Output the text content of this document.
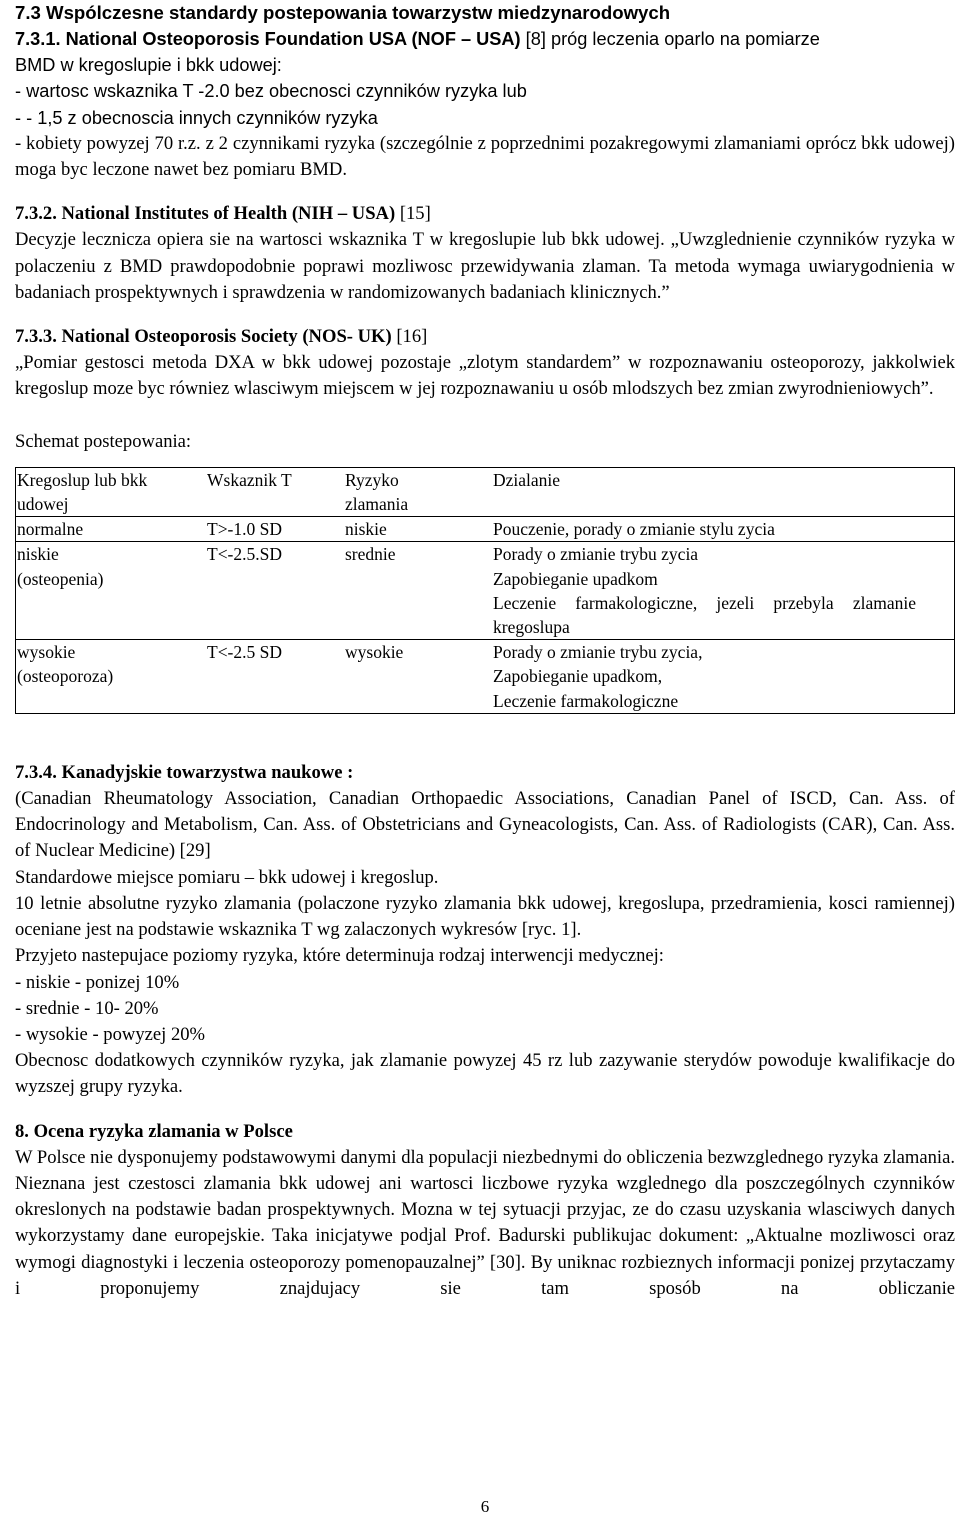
7.3 Wspólczesne standardy postepowania towarzystw miedzynarodowych
7.3.1. National Osteoporosis Foundation USA (NOF – USA) [8] próg leczenia oparlo na pomiarze
BMD w kregoslupie i bkk udowej:
- wartosc wskaznika T -2.0 bez obecnosci czynników ryzyka lub
- - 1,5 z obecnoscia innych czynników ryzyka
- kobiety powyzej 70 r.z. z 2 czynnikami ryzyka (szczególnie z poprzednimi pozakregowymi zlamaniami oprócz bkk udowej) moga byc leczone nawet bez pomiaru BMD.
7.3.2. National Institutes of Health (NIH – USA) [15]
Decyzje lecznicza opiera sie na wartosci wskaznika T w kregoslupie lub bkk udowej. „Uwzglednienie czynników ryzyka w polaczeniu z BMD prawdopodobnie poprawi mozliwosc przewidywania zlaman. Ta metoda wymaga uwiarygodnienia w badaniach prospektywnych i sprawdzenia w randomizowanych badaniach klinicznych.”
7.3.3. National Osteoporosis Society (NOS- UK) [16]
„Pomiar gestosci metoda DXA w bkk udowej pozostaje „zlotym standardem” w rozpoznawaniu osteoporozy, jakkolwiek kregoslup moze byc równiez wlasciwym miejscem w jej rozpoznawaniu u osób mlodszych bez zmian zwyrodnieniowych”.
Schemat postepowania:
Kregoslup lub bkk udowej	Wskaznik T	Ryzyko zlamania	Dzialanie
normalne	T>-1.0 SD	niskie	Pouczenie, porady o zmianie stylu zycia
niskie (osteopenia)	T<-2.5.SD	srednie	Porady o zmianie trybu zycia
Zapobieganie upadkom
Leczenie farmakologiczne, jezeli przebyla zlamanie kregoslupa

wysokie (osteoporoza)	T<-2.5 SD	wysokie	Porady o zmianie trybu zycia,
Zapobieganie upadkom,
Leczenie farmakologiczne
7.3.4. Kanadyjskie towarzystwa naukowe :
(Canadian Rheumatology Association, Canadian Orthopaedic Associations, Canadian Panel of ISCD, Can. Ass. of Endocrinology and Metabolism, Can. Ass. of Obstetricians and Gyneacologists, Can. Ass. of Radiologists (CAR), Can. Ass. of Nuclear Medicine) [29]
Standardowe miejsce pomiaru – bkk udowej i kregoslup.
10 letnie absolutne ryzyko zlamania (polaczone ryzyko zlamania bkk udowej, kregoslupa, przedramienia, kosci ramiennej) oceniane jest na podstawie wskaznika T wg zalaczonych wykresów [ryc. 1].
Przyjeto nastepujace poziomy ryzyka, które determinuja rodzaj interwencji medycznej:
- niskie - ponizej 10%
- srednie - 10- 20%
- wysokie - powyzej 20%
Obecnosc dodatkowych czynników ryzyka, jak zlamanie powyzej 45 rz lub zazywanie sterydów powoduje kwalifikacje do wyzszej grupy ryzyka.
8. Ocena ryzyka zlamania w Polsce
W Polsce nie dysponujemy podstawowymi danymi dla populacji niezbednymi do obliczenia bezwzglednego ryzyka zlamania. Nieznana jest czestosci zlamania bkk udowej ani wartosci liczbowe ryzyka wzglednego dla poszczególnych czynników okreslonych na podstawie badan prospektywnych. Mozna w tej sytuacji przyjac, ze do czasu uzyskania wlasciwych danych wykorzystamy dane europejskie. Taka inicjatywe podjal Prof. Badurski publikujac dokument: „Aktualne mozliwosci oraz wymogi diagnostyki i leczenia osteoporozy pomenopauzalnej” [30]. By uniknac rozbieznych informacji ponizej przytaczamy i proponujemy znajdujacy sie tam sposób na obliczanie
6
